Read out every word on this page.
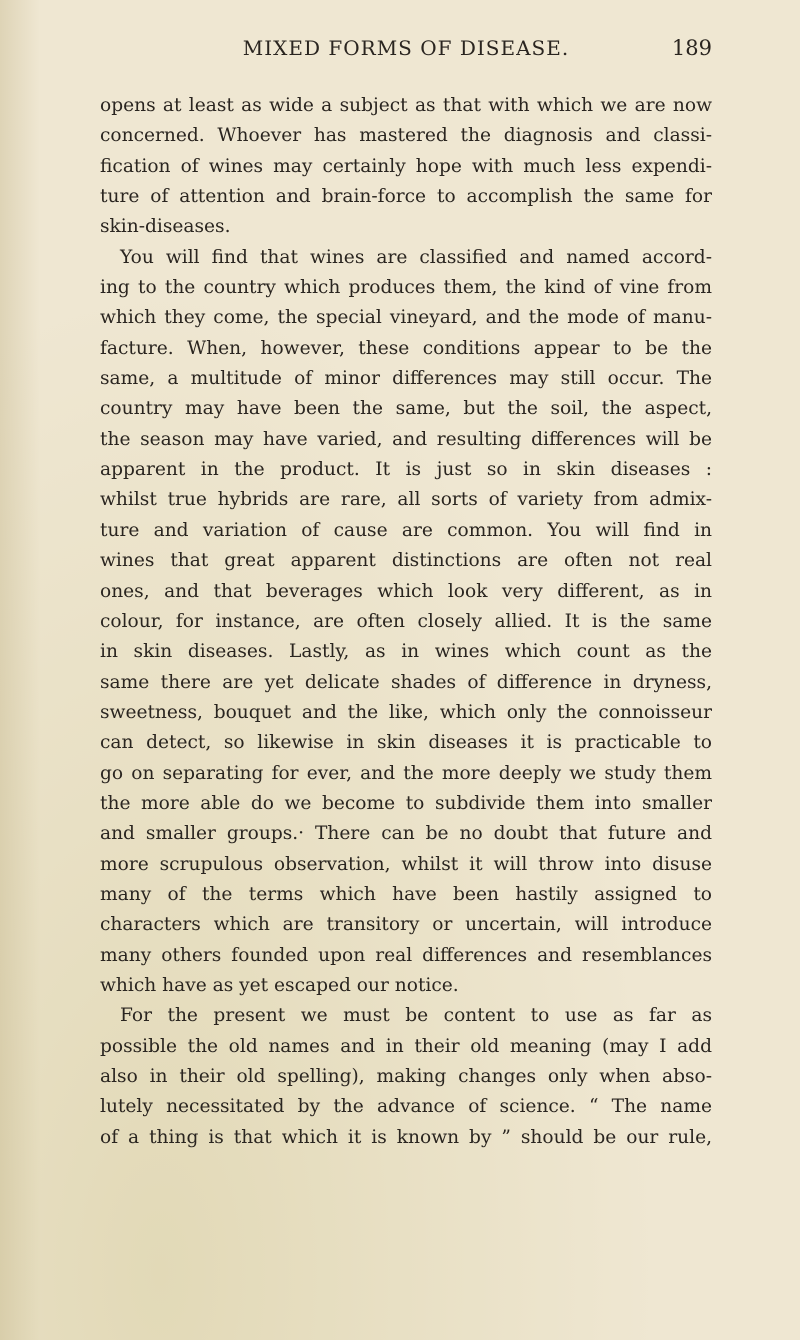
MIXED FORMS OF DISEASE.	189
opens at least as wide a subject as that with which we are now
concerned. Whoever has mastered the diagnosis and classi-
fication of wines may certainly hope with much less expendi-
ture of attention and brain-force to accomplish the same for
skin-diseases.
You will find that wines are classified and named accord-
ing to the country which produces them, the kind of vine from
which they come, the special vineyard, and the mode of manu-
facture. When, however, these conditions appear to be the
same, a multitude of minor differences may still occur. The
country may have been the same, but the soil, the aspect,
the season may have varied, and resulting differences will be
apparent in the product. It is just so in skin diseases :
whilst true hybrids are rare, all sorts of variety from admix-
ture and variation of cause are common. You will find in
wines that great apparent distinctions are often not real
ones, and that beverages which look very different, as in
colour, for instance, are often closely allied. It is the same
in skin diseases. Lastly, as in wines which count as the
same there are yet delicate shades of difference in dryness,
sweetness, bouquet and the like, which only the connoisseur
can detect, so likewise in skin diseases it is practicable to
go on separating for ever, and the more deeply we study them
the more able do we become to subdivide them into smaller
and smaller groups.· There can be no doubt that future and
more scrupulous observation, whilst it will throw into disuse
many of the terms which have been hastily assigned to
characters which are transitory or uncertain, will introduce
many others founded upon real differences and resemblances
which have as yet escaped our notice.
For the present we must be content to use as far as
possible the old names and in their old meaning (may I add
also in their old spelling), making changes only when abso-
lutely necessitated by the advance of science. “ The name
of a thing is that which it is known by ” should be our rule,
